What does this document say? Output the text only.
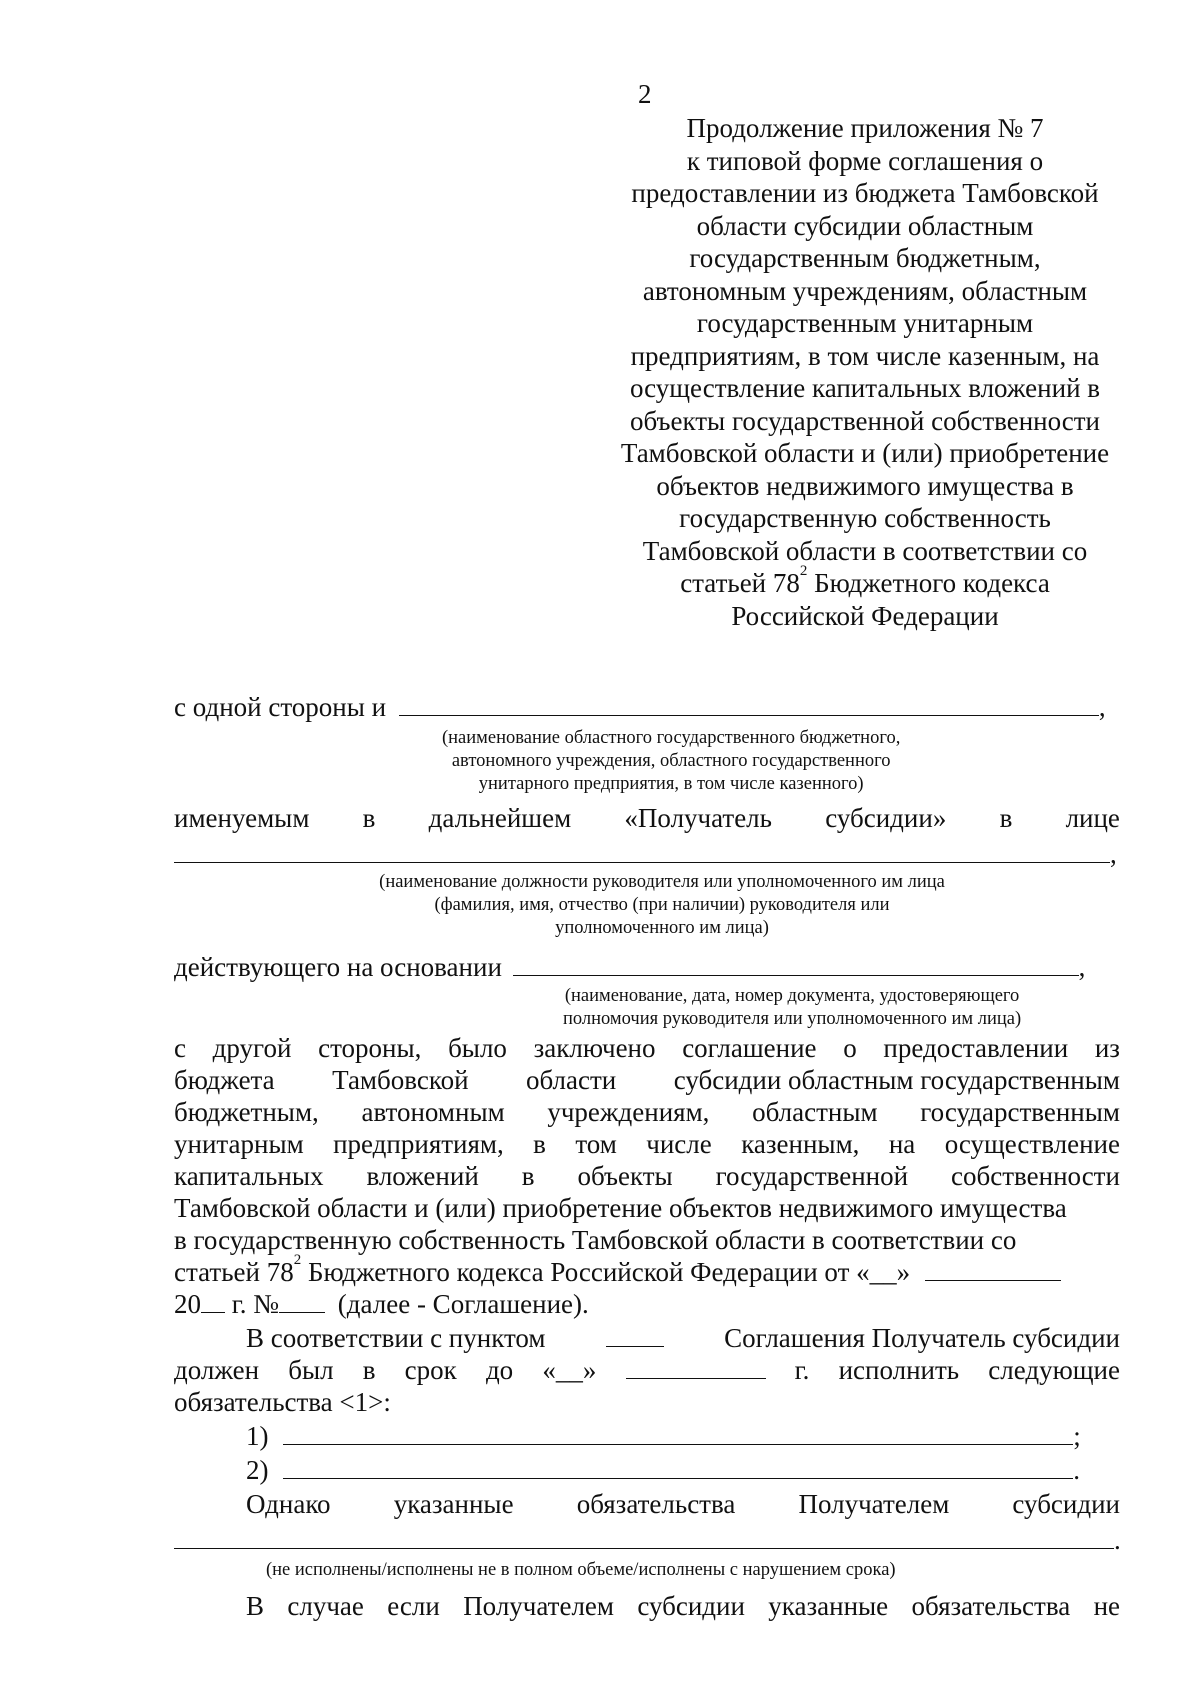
2
Продолжение приложения № 7
к типовой форме соглашения о
предоставлении из бюджета Тамбовской
области субсидии областным
государственным бюджетным,
автономным учреждениям, областным
государственным унитарным
предприятиям, в том числе казенным, на
осуществление капитальных вложений в
объекты государственной собственности
Тамбовской области и (или) приобретение
объектов недвижимого имущества в
государственную собственность
Тамбовской области в соответствии со
статьей $78^2$ Бюджетного кодекса
Российской Федерации
с одной стороны и	,
(наименование областного государственного бюджетного,
автономного учреждения, областного государственного
унитарного предприятия, в том числе казенного)
именуемым в дальнейшем «Получатель субсидии» в лице
,
(наименование должности руководителя или уполномоченного им лица
(фамилия, имя, отчество (при наличии) руководителя или
уполномоченного им лица)
действующего на основании	,
(наименование, дата, номер документа, удостоверяющего
полномочия руководителя или уполномоченного им лица)
с другой стороны, было заключено соглашение о предоставлении из
бюджета Тамбовской области субсидии областным государственным
бюджетным, автономным учреждениям, областным государственным
унитарным предприятиям, в том числе казенным, на осуществление
капитальных вложений в объекты государственной собственности
Тамбовской области и (или) приобретение объектов недвижимого имущества
в государственную собственность Тамбовской области в соответствии со
статьей $78^2$ Бюджетного кодекса Российской Федерации от «__»
20 г. № (далее - Соглашение).
В соответствии с пунктом	Соглашения Получатель субсидии
должен был в срок до «__»	г. исполнить следующие
обязательства <1>:
1)	;
2)	.
Однако указанные обязательства Получателем субсидии
.
(не исполнены/исполнены не в полном объеме/исполнены с нарушением срока)
В случае если Получателем субсидии указанные обязательства не
